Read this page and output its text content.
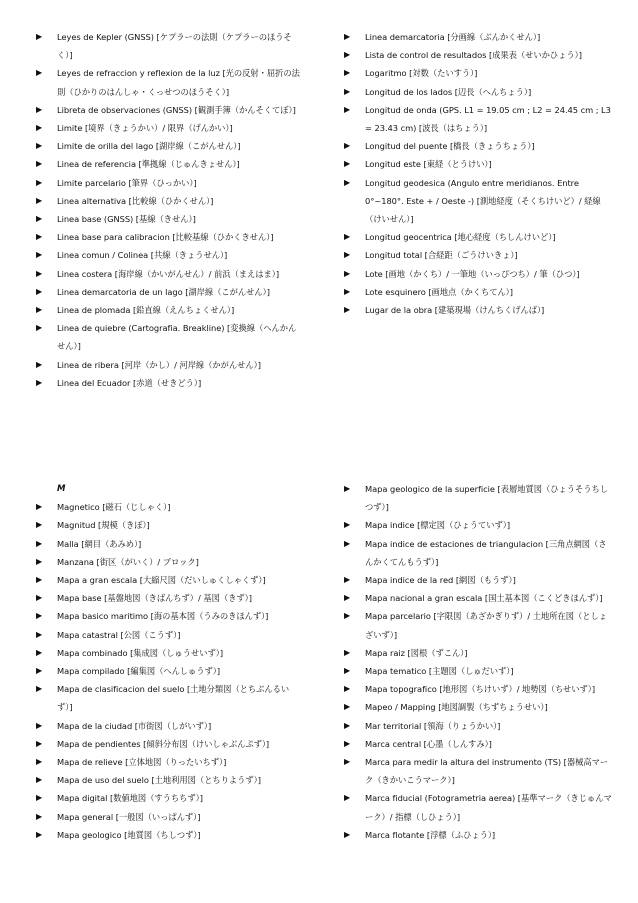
▶ Leyes de Kepler (GNSS) [ケプラーの法則（ケプラーのほうそく）]
▶ Leyes de refraccion y reflexion de la luz [光の反射・屈折の法則（ひかりのはんしゃ・くっせつのほうそく）]
▶ Libreta de observaciones (GNSS) [観測手簿（かんそくてぼ）]
▶ Limite [境界（きょうかい）/ 限界（げんかい）]
▶ Limite de orilla del lago [湖岸線（こがんせん）]
▶ Linea de referencia [準拠線（じゅんきょせん）]
▶ Limite parcelario [筆界（ひっかい）]
▶ Linea alternativa [比較線（ひかくせん）]
▶ Linea base (GNSS) [基線（きせん）]
▶ Linea base para calibracion [比較基線（ひかくきせん）]
▶ Linea comun / Colinea [共線（きょうせん）]
▶ Linea costera [海岸線（かいがんせん）/ 前浜（まえはま）]
▶ Linea demarcatoria de un lago [湖岸線（こがんせん）]
▶ Linea de plomada [鉛直線（えんちょくせん）]
▶ Linea de quiebre (Cartografia. Breakline) [変換線（へんかんせん）]
▶ Linea de ribera [河岸（かし）/ 河岸線（かがんせん）]
▶ Linea del Ecuador [赤道（せきどう）]
▶ Linea demarcatoria [分画線（ぶんかくせん）]
▶ Lista de control de resultados [成果表（せいかひょう）]
▶ Logaritmo [対数（たいすう）]
▶ Longitud de los lados [辺長（へんちょう）]
▶ Longitud de onda (GPS. L1 = 19.05 cm ; L2 = 24.45 cm ; L3 = 23.43 cm) [波長（はちょう）]
▶ Longitud del puente [橋長（きょうちょう）]
▶ Longitud este [東経（とうけい）]
▶ Longitud geodesica (Angulo entre meridianos. Entre 0°~180°. Este + / Oeste -) [測地経度（そくちけいど）/ 経線（けいせん）]
▶ Longitud geocentrica [地心経度（ちしんけいど）]
▶ Longitud total [合経距（ごうけいきょ）]
▶ Lote [画地（かくち）/ 一筆地（いっぴつち）/ 筆（ひつ）]
▶ Lote esquinero [画地点（かくちてん）]
▶ Lugar de la obra [建築現場（けんちくげんば）]
M
▶ Magnetico [磁石（じしゃく）]
▶ Magnitud [規模（きぼ）]
▶ Malla [網目（あみめ）]
▶ Manzana [街区（がいく）/ ブロック]
▶ Mapa a gran escala [大縮尺図（だいしゅくしゃくず）]
▶ Mapa base [基盤地図（きばんちず）/ 基図（きず）]
▶ Mapa basico maritimo [海の基本図（うみのきほんず）]
▶ Mapa catastral [公図（こうず）]
▶ Mapa combinado [集成図（しゅうせいず）]
▶ Mapa compilado [編集図（へんしゅうず）]
▶ Mapa de clasificacion del suelo [土地分類図（とちぶんるいず）]
▶ Mapa de la ciudad [市街図（しがいず）]
▶ Mapa de pendientes [傾斜分布図（けいしゃぶんぷず）]
▶ Mapa de relieve [立体地図（りったいちず）]
▶ Mapa de uso del suelo [土地利用図（とちりようず）]
▶ Mapa digital [数値地図（すうちちず）]
▶ Mapa general [一般図（いっぱんず）]
▶ Mapa geologico [地質図（ちしつず）]
▶ Mapa geologico de la superficie [表層地質図（ひょうそうちしつず）]
▶ Mapa indice [標定図（ひょうていず）]
▶ Mapa indice de estaciones de triangulacion [三角点網図（さんかくてんもうず）]
▶ Mapa indice de la red [網図（もうず）]
▶ Mapa nacional a gran escala [国土基本図（こくどきほんず）]
▶ Mapa parcelario [字限図（あざかぎりず）/ 土地所在図（としょざいず）]
▶ Mapa raiz [図根（ずこん）]
▶ Mapa tematico [主題図（しゅだいず）]
▶ Mapa topografico [地形図（ちけいず）/ 地勢図（ちせいず）]
▶ Mapeo / Mapping [地図調製（ちずちょうせい）]
▶ Mar territorial [領海（りょうかい）]
▶ Marca central [心墨（しんすみ）]
▶ Marca para medir la altura del instrumento (TS) [器械高マーク（きかいこうマーク）]
▶ Marca fiducial (Fotogrametria aerea) [基準マーク（きじゅんマーク）/ 指標（しひょう）]
▶ Marca flotante [浮標（ふひょう）]
